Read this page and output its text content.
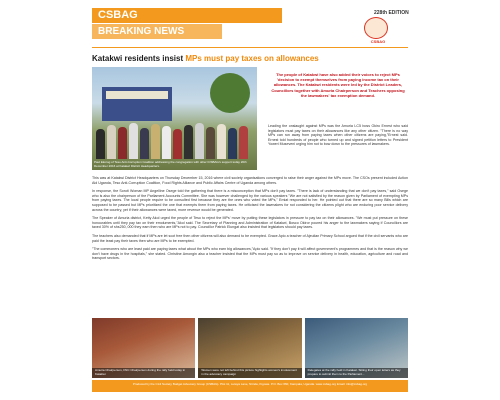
CSBAG
BREAKING NEWS
228th EDITION
CSBAG
Katakwi residents insist MPs must pay taxes on allowances
Paul Ekorog of Teso Anti-Corruption Coalition addressing the congregation with other ICSBAG's support today 20th December 2016 at Katakwi District Headquarters.
The people of Katakwi have also added their voices to reject MPs 'decision to exempt themselves from paying income tax on their allowances. The Katakwi residents were led by the District Leaders, Councillors together with Amuria Chairperson and Teachers opposing the lawmakers' tax exemption demand.
Leading the onslaught against MPs was the Amuria LC5 boss Okiro Ernest who said legislators must pay taxes on their allowances like any other citizen. "There is no way MPs can run away from paying taxes when other citizens are paying,"Ernest said. Ernest told hundreds of people who turned up and signed petition letters to President Yoweri Museveni urging him not to bow down to the pressures of lawmakers.

This was at Katakwi District Headquarters on Thursday December 15, 2016 where civil society organisations converged to raise their anger against the MPs move. The CSOs present included Action Aid Uganda, Teso Anti-Corruption Coalition, Food Rights Alliance and Public Affairs Centre of Uganda among others.

In response, the Soroti Woman MP Angelline Osege told the gathering that there is a misconception that MPs don't pay taxes. "There is lack of understanding that we don't pay taxes," said Osege who is also the chairperson of the Parliament Accounts Committee. She was however challenged by the various speakers "We are not satisfied by the reason given by Parliament of exempting MPs from paying taxes. The local people require to be consulted first because they are the ones who voted the MPs," Emiat responded to her. He pointed out that there are so many Bills which are supposed to be passed but MPs prioritized the one that exempts them from paying taxes. He criticised the lawmakers for not considering the citizens plight who are enduring poor service delivery across the country, yet if their allowances were taxed, more revenue would be generated.

The Speaker of Amuria district, Ketty Akol urged the people of Teso to reject the MPs' move by putting these legislators in pressure to pay tax on their allowances. "We must put pressure on these honourables until they pay tax on their emoluments,"Akol said. The Secretary of Planning and Administration of Katakwi, Bosco Okiror poured his anger to the lawmakers saying if Councillors are taxed 30% of shs250, 000 they earn then who are MPs not to pay. Councillor Patrick Elungat also insisted that legislators should pay taxes.

The teachers also demanded that if MPs are let scot free then other citizens will also demand to be exempted. Grace Apio a teacher of Ajeulian Primary School argued that if the civil servants who are paid the least pay their taxes then who are MPs to be exempted.

"The commoners who are least paid are paying taxes what about the MPs who earn big allowances,"Apio said. "If they don't pay it will affect government's programmes and that is the reason why we don't have drugs in the hospitals," she stated. Christine Amongin also a teacher insisted that the MPs must pay so as to improve on service delivery in health, education, agriculture and road and transport sectors.

Amuria Chairperson, FNC Chairperson during the rally held today in Katakwi
Women were not left behind this picture highlights women's involvement in the advocacy campaign
Delegates at the rally held in Katakwi. Sitting their open letters as they prepare to submit them to the Parliament...
Produced by the Civil Society Budget Advocacy Group (CSBAG). Plot 11, Lutaya Lane, Ntinda, Kigowa. P.O. Box 660, Kampala, Uganda. www.csbag.org Email: info@csbag.org
